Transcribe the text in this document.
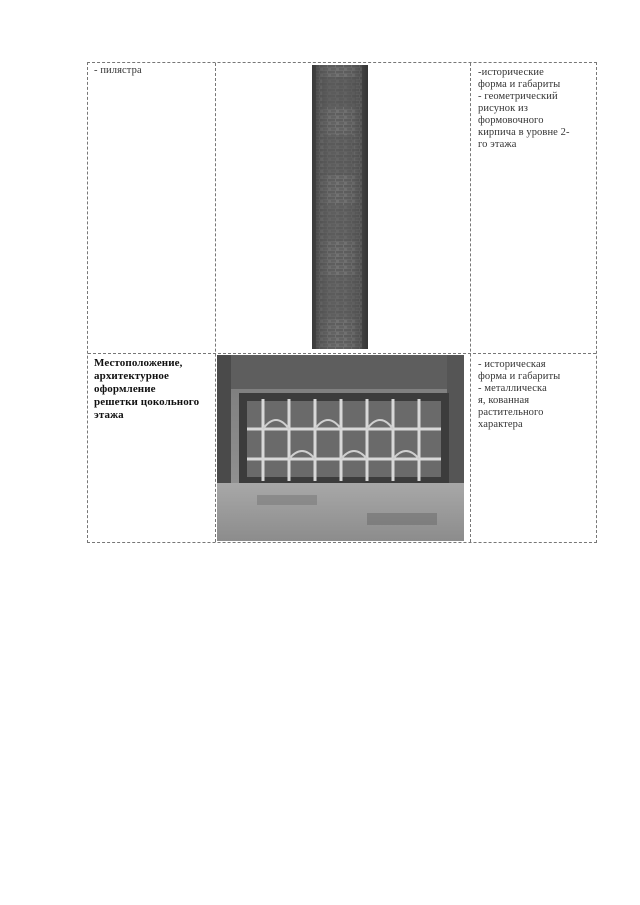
- пилястра	-исторические
форма и габариты
- геометрический
рисунок из
формовочного
кирпича в уровне 2-
го этажа
Местоположение,
архитектурное
оформление
решетки цокольного
этажа
- историческая
форма и габариты
- металлическа
я, кованная
растительного
характера
